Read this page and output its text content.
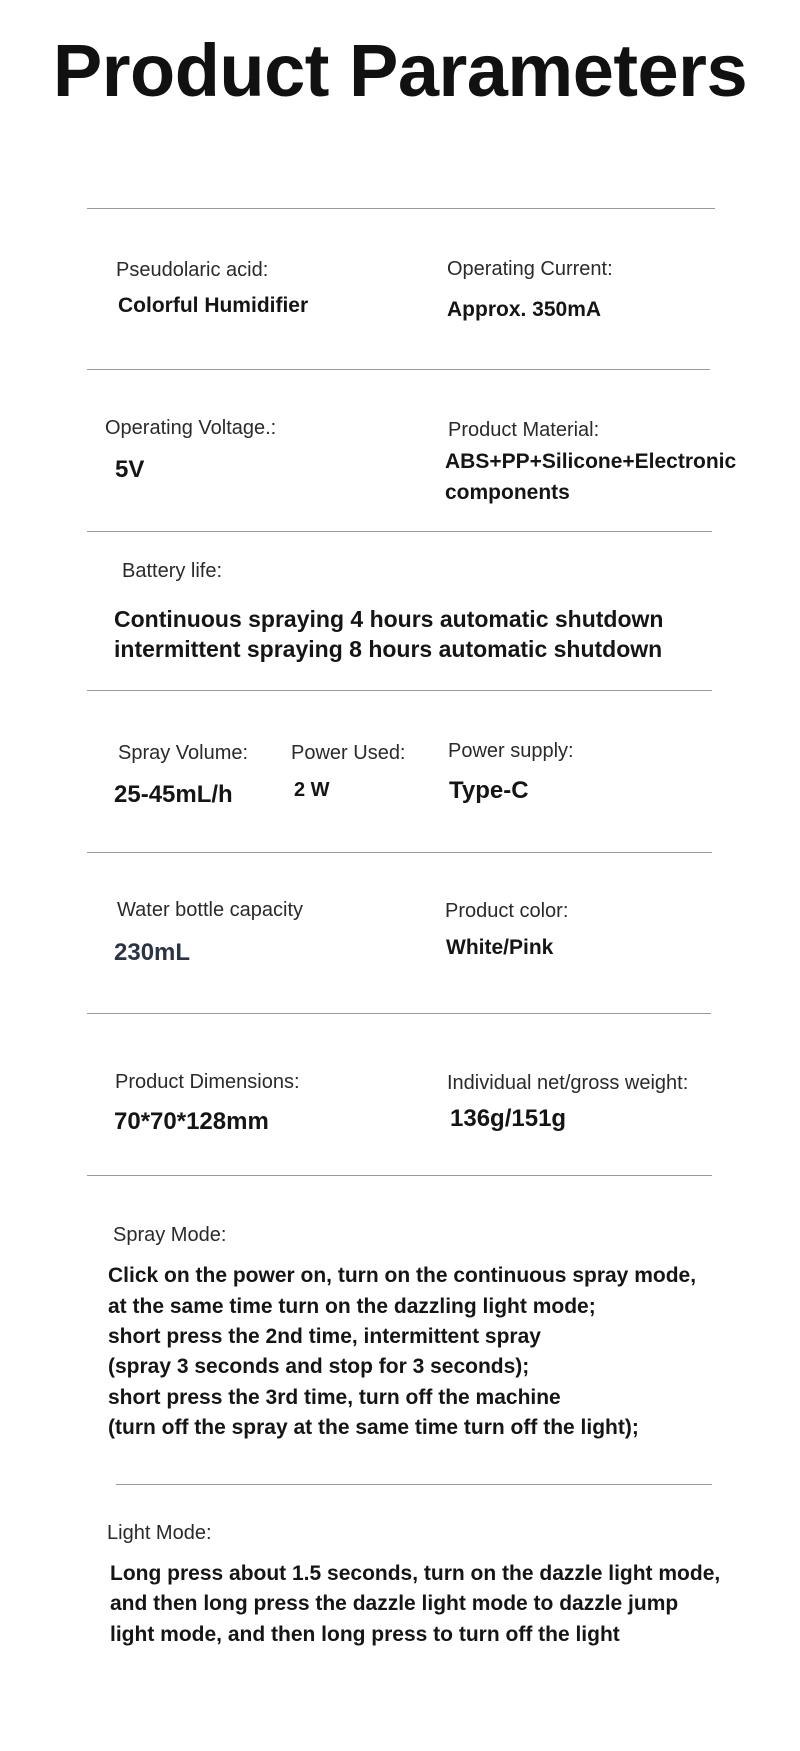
Product Parameters
Pseudolaric acid:
Colorful Humidifier
Operating Current:
Approx. 350mA
Operating Voltage.:
5V
Product Material:
ABS+PP+Silicone+Electronic
components
Battery life:
Continuous spraying 4 hours automatic shutdown
intermittent spraying 8 hours automatic shutdown
Spray Volume:
25-45mL/h
Power Used:
2 W
Power supply:
Type-C
Water bottle capacity
230mL
Product color:
White/Pink
Product Dimensions:
70*70*128mm
Individual net/gross weight:
136g/151g
Spray Mode:
Click on the power on, turn on the continuous spray mode,
at the same time turn on the dazzling light mode;
short press the 2nd time, intermittent spray
(spray 3 seconds and stop for 3 seconds);
short press the 3rd time, turn off the machine
(turn off the spray at the same time turn off the light);
Light Mode:
Long press about 1.5 seconds, turn on the dazzle light mode,
and then long press the dazzle light mode to dazzle jump
light mode, and then long press to turn off the light
